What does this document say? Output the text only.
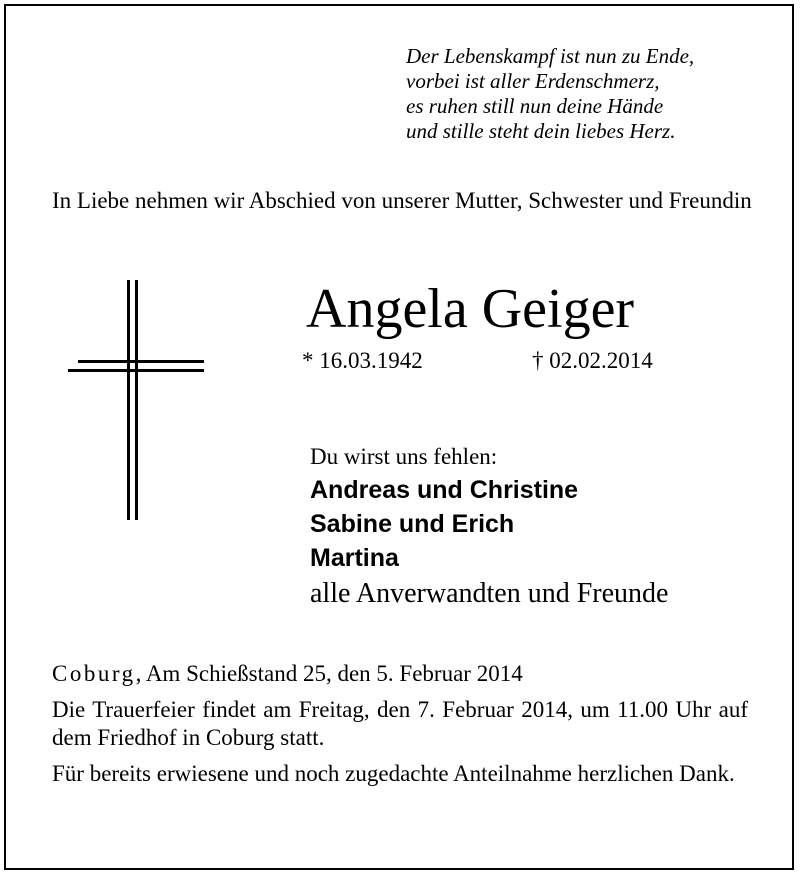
Der Lebenskampf ist nun zu Ende,
vorbei ist aller Erdenschmerz,
es ruhen still nun deine Hände
und stille steht dein liebes Herz.
In Liebe nehmen wir Abschied von unserer Mutter, Schwester und Freundin
Angela Geiger
* 16.03.1942	† 02.02.2014
Du wirst uns fehlen:
Andreas und Christine
Sabine und Erich
Martina
alle Anverwandten und Freunde
Coburg, Am Schießstand 25, den 5. Februar 2014
Die Trauerfeier findet am Freitag, den 7. Februar 2014, um 11.00 Uhr auf dem Friedhof in Coburg statt.
Für bereits erwiesene und noch zugedachte Anteilnahme herzlichen Dank.
